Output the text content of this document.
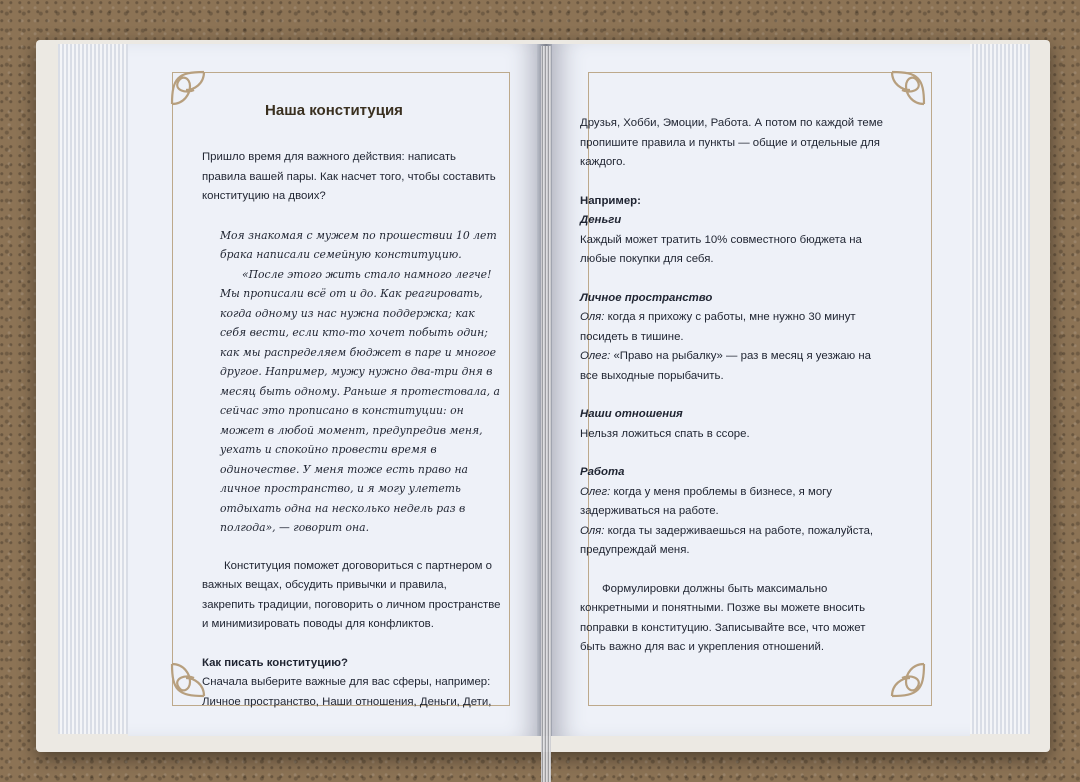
Наша конституция

Пришло время для важного действия: написать правила вашей пары. Как насчет того, чтобы составить конституцию на двоих?

Моя знакомая с мужем по прошествии 10 лет брака написали семейную конституцию.

«После этого жить стало намного легче! Мы прописали всё от и до. Как реагировать, когда одному из нас нужна поддержка; как себя вести, если кто-то хочет побыть один; как мы распределяем бюджет в паре и многое другое. Например, мужу нужно два-три дня в месяц быть одному. Раньше я протестовала, а сейчас это прописано в конституции: он может в любой момент, предупредив меня, уехать и спокойно провести время в одиночестве. У меня тоже есть право на личное пространство, и я могу улететь отдыхать одна на несколько недель раз в полгода», — говорит она.

Конституция поможет договориться с партнером о важных вещах, обсудить привычки и правила, закрепить традиции, поговорить о личном пространстве и минимизировать поводы для конфликтов.

Как писать конституцию?

Сначала выберите важные для вас сферы, например: Личное пространство, Наши отношения, Деньги, Дети,

Друзья, Хобби, Эмоции, Работа. А потом по каждой теме пропишите правила и пункты — общие и отдельные для каждого.

Например:

Деньги

Каждый может тратить 10% совместного бюджета на любые покупки для себя.

Личное пространство

Оля: когда я прихожу с работы, мне нужно 30 минут посидеть в тишине.

Олег: «Право на рыбалку» — раз в месяц я уезжаю на все выходные порыбачить.

Наши отношения

Нельзя ложиться спать в ссоре.

Работа

Олег: когда у меня проблемы в бизнесе, я могу задерживаться на работе.

Оля: когда ты задерживаешься на работе, пожалуйста, предупреждай меня.

Формулировки должны быть максимально конкретными и понятными. Позже вы можете вносить поправки в конституцию. Записывайте все, что может быть важно для вас и укрепления отношений.
